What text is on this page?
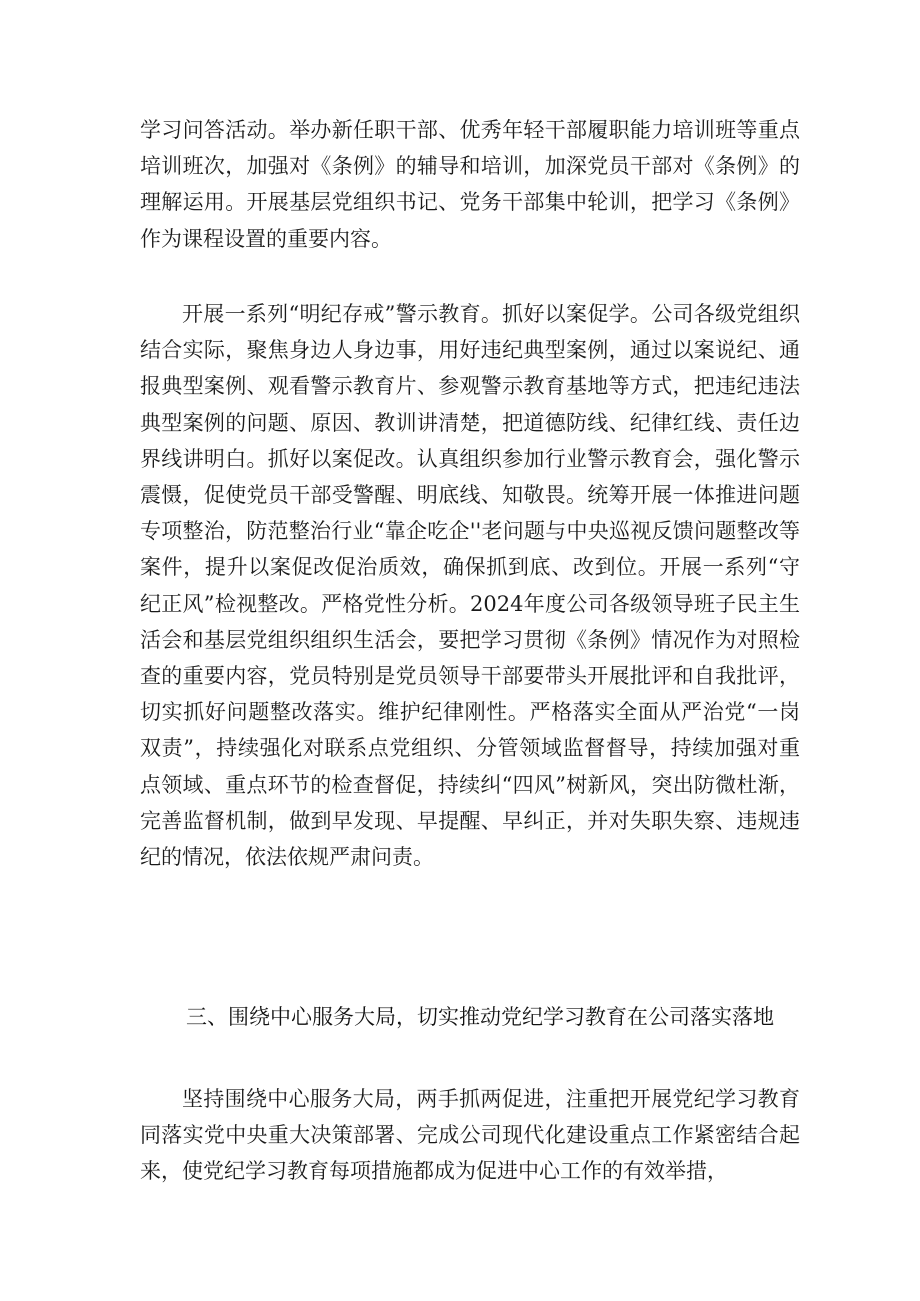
学习问答活动。举办新任职干部、优秀年轻干部履职能力培训班等重点培训班次，加强对《条例》的辅导和培训，加深党员干部对《条例》的理解运用。开展基层党组织书记、党务干部集中轮训，把学习《条例》作为课程设置的重要内容。

开展一系列“明纪存戒”警示教育。抓好以案促学。公司各级党组织结合实际，聚焦身边人身边事，用好违纪典型案例，通过以案说纪、通报典型案例、观看警示教育片、参观警示教育基地等方式，把违纪违法典型案例的问题、原因、教训讲清楚，把道德防线、纪律红线、责任边界线讲明白。抓好以案促改。认真组织参加行业警示教育会，强化警示震慑，促使党员干部受警醒、明底线、知敬畏。统筹开展一体推进问题专项整治，防范整治行业“靠企吃企''老问题与中央巡视反馈问题整改等案件，提升以案促改促治质效，确保抓到底、改到位。开展一系列“守纪正风”检视整改。严格党性分析。2024年度公司各级领导班子民主生活会和基层党组织组织生活会，要把学习贯彻《条例》情况作为对照检查的重要内容，党员特别是党员领导干部要带头开展批评和自我批评，切实抓好问题整改落实。维护纪律刚性。严格落实全面从严治党“一岗双责”，持续强化对联系点党组织、分管领域监督督导，持续加强对重点领域、重点环节的检查督促，持续纠“四风”树新风，突出防微杜渐，完善监督机制，做到早发现、早提醒、早纠正，并对失职失察、违规违纪的情况，依法依规严肃问责。

三、围绕中心服务大局，切实推动党纪学习教育在公司落实落地

坚持围绕中心服务大局，两手抓两促进，注重把开展党纪学习教育同落实党中央重大决策部署、完成公司现代化建设重点工作紧密结合起来，使党纪学习教育每项措施都成为促进中心工作的有效举措，
